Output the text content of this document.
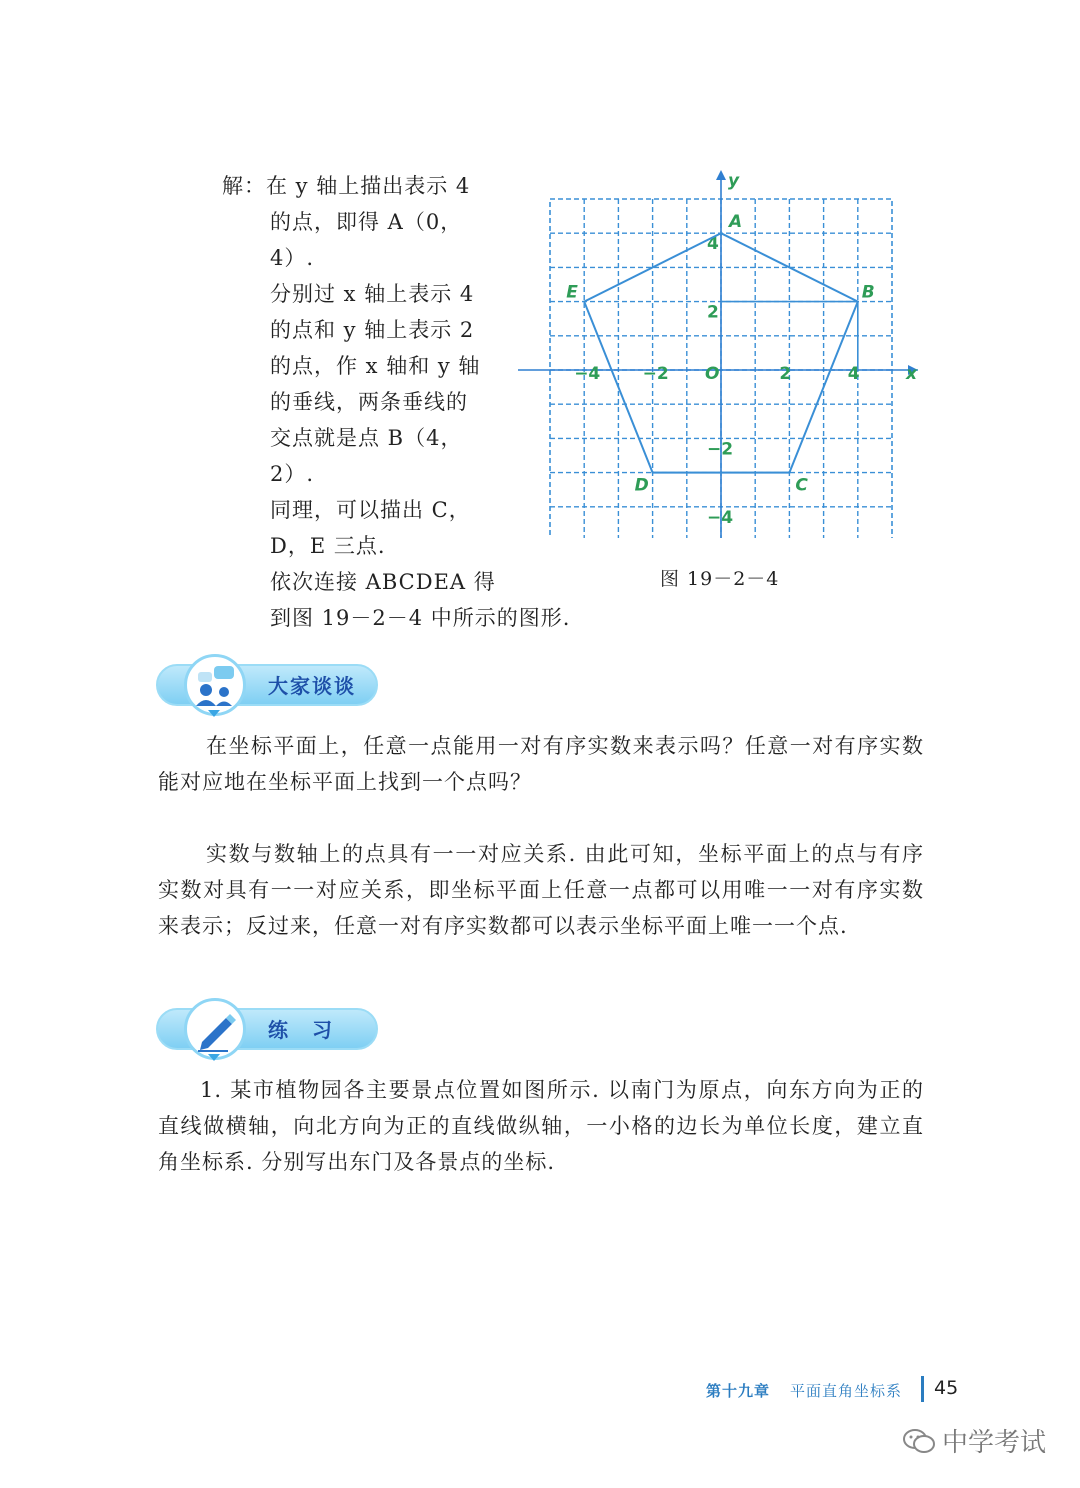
解：在 y 轴上描出表示 4

的点，即得 A（0，

4）.

分别过 x 轴上表示 4

的点和 y 轴上表示 2

的点，作 x 轴和 y 轴

的垂线，两条垂线的

交点就是点 B（4，

2）.

同理，可以描出 C，

D，E 三点.

依次连接 ABCDEA 得

到图 19－2－4 中所示的图形.

x
y
O
−4 −2	2	4
4
2
−2
−4
A
B
C
D
E
图 19－2－4
大家谈谈

在坐标平面上，任意一点能用一对有序实数来表示吗？任意一对有序实数能对应地在坐标平面上找到一个点吗？

实数与数轴上的点具有一一对应关系. 由此可知，坐标平面上的点与有序实数对具有一一对应关系，即坐标平面上任意一点都可以用唯一一对有序实数来表示；反过来，任意一对有序实数都可以表示坐标平面上唯一一个点.

练　习

1. 某市植物园各主要景点位置如图所示. 以南门为原点，向东方向为正的直线做横轴，向北方向为正的直线做纵轴，一小格的边长为单位长度，建立直角坐标系. 分别写出东门及各景点的坐标.

第十九章 平面直角坐标系 45
中学考试
